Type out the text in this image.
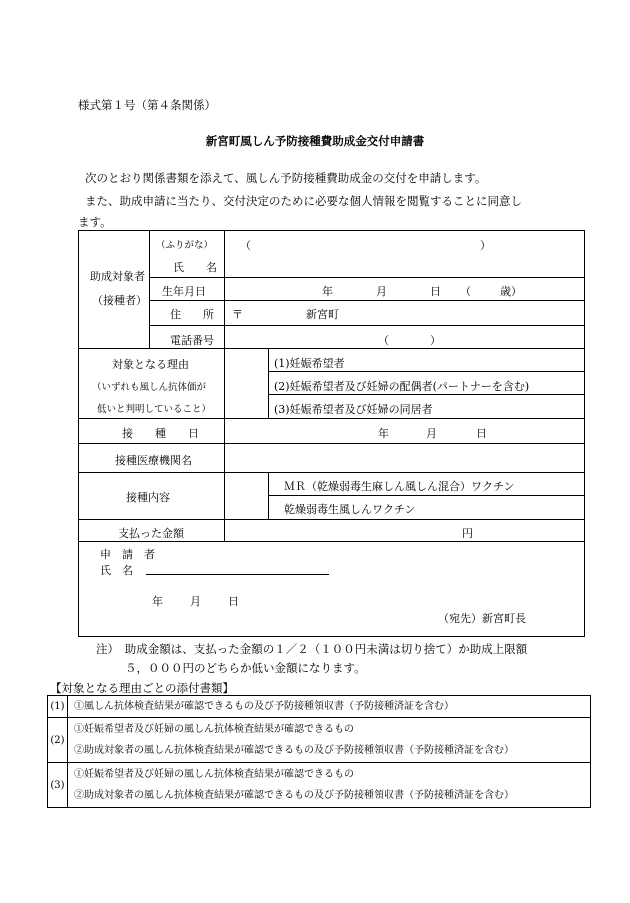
様式第１号（第４条関係）
新宮町風しん予防接種費助成金交付申請書
次のとおり関係書類を添えて、風しん予防接種費助成金の交付を申請します。
また、助成申請に当たり、交付決定のために必要な個人情報を閲覧することに同意し
ます。
助成対象者
（接種者）
（ふりがな） （	）
氏　　名
生年月日	年	月	日 （	歳）
住　　所 〒	新宮町
電話番号	（	）
対象となる理由
（いずれも風しん抗体価が
低いと判明していること）
(1)妊娠希望者
(2)妊娠希望者及び妊婦の配偶者(パートナーを含む)
(3)妊娠希望者及び妊婦の同居者
接　　種　　日	年	月	日
接種医療機関名
接種内容
ＭＲ（乾燥弱毒生麻しん風しん混合）ワクチン
乾燥弱毒生風しんワクチン
支払った金額	円
申　請　者
氏　名
年 月 日
（宛先）新宮町長
注）　助成金額は、支払った金額の１／２（１００円未満は切り捨て）か助成上限額
５，０００円のどちらか低い金額になります。
【対象となる理由ごとの添付書類】
(1)	①風しん抗体検査結果が確認できるもの及び予防接種領収書（予防接種済証を含む）

(2)	①妊娠希望者及び妊婦の風しん抗体検査結果が確認できるもの
②助成対象者の風しん抗体検査結果が確認できるもの及び予防接種領収書（予防接種済証を含む）

(3)	①妊娠希望者及び妊婦の風しん抗体検査結果が確認できるもの
②助成対象者の風しん抗体検査結果が確認できるもの及び予防接種領収書（予防接種済証を含む）
